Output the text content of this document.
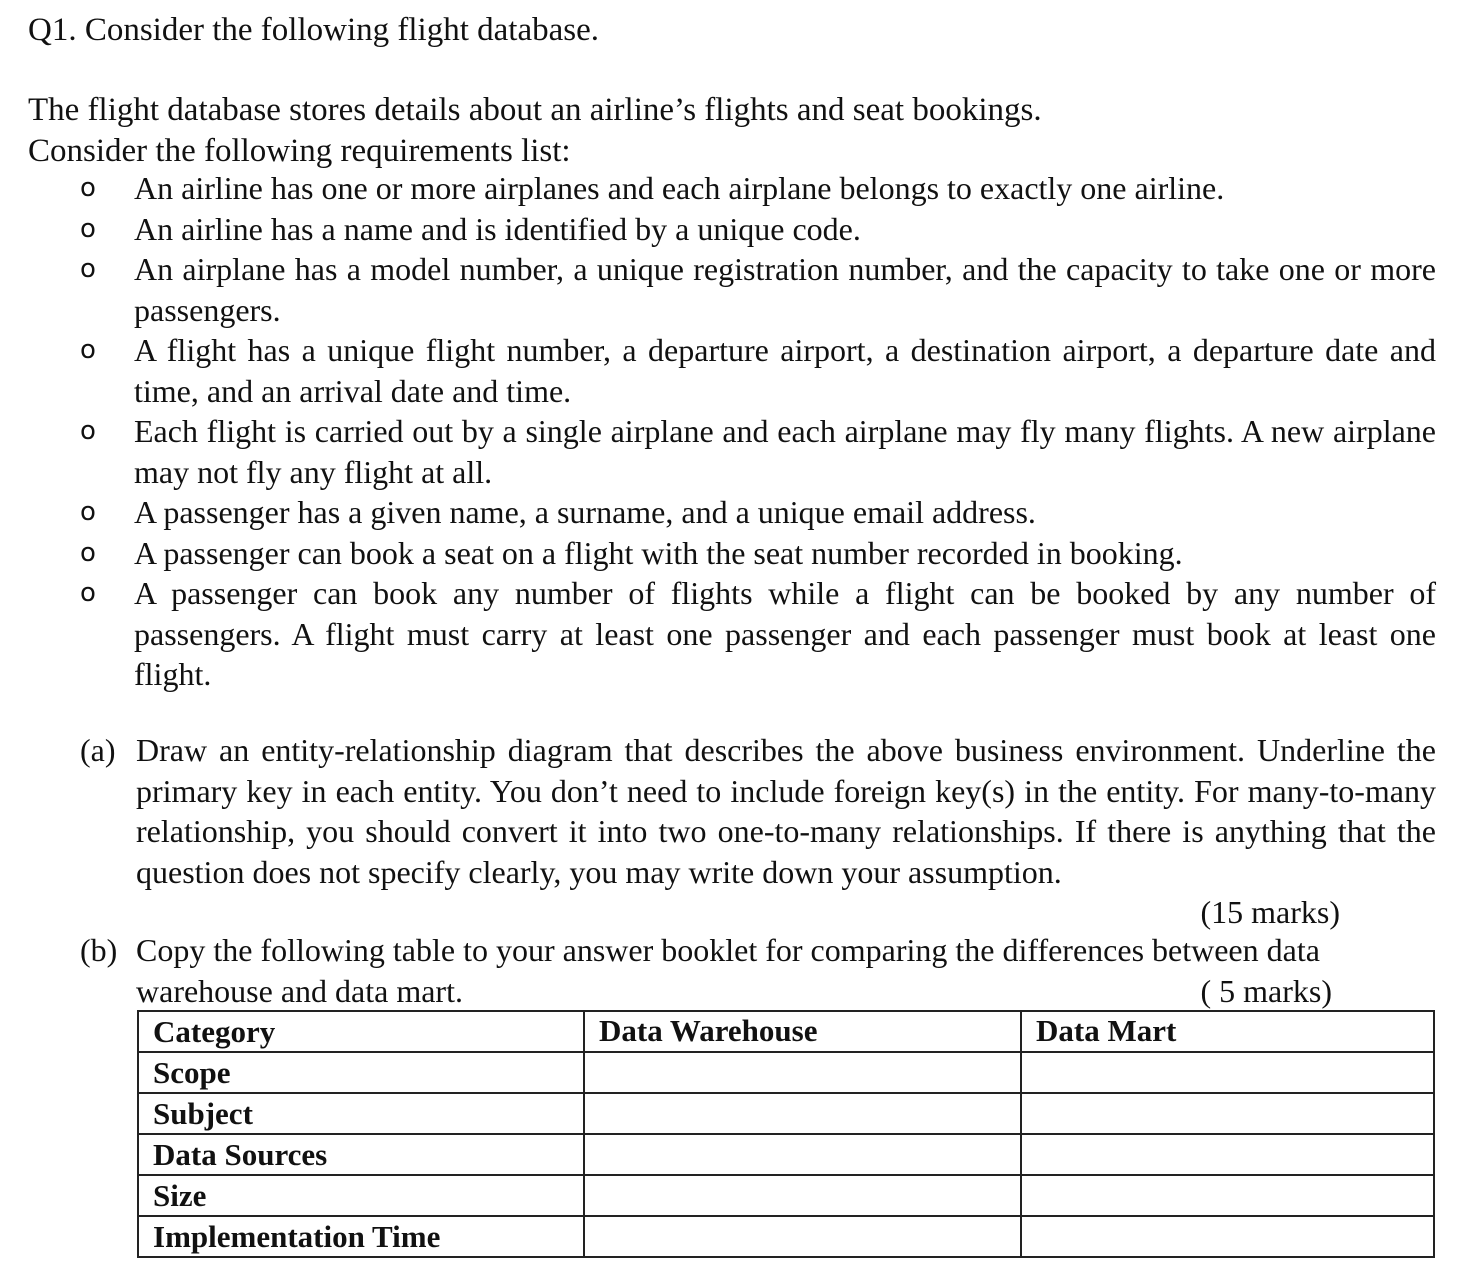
Q1. Consider the following flight database.
The flight database stores details about an airline’s flights and seat bookings.
Consider the following requirements list:
o An airline has one or more airplanes and each airplane belongs to exactly one airline.
o An airline has a name and is identified by a unique code.
o An airplane has a model number, a unique registration number, and the capacity to take one or more passengers.
o A flight has a unique flight number, a departure airport, a destination airport, a departure date and time, and an arrival date and time.
o Each flight is carried out by a single airplane and each airplane may fly many flights. A new airplane may not fly any flight at all.
o A passenger has a given name, a surname, and a unique email address.
o A passenger can book a seat on a flight with the seat number recorded in booking.
o A passenger can book any number of flights while a flight can be booked by any number of passengers. A flight must carry at least one passenger and each passenger must book at least one flight.
(a) Draw an entity-relationship diagram that describes the above business environment. Underline the primary key in each entity. You don’t need to include foreign key(s) in the entity. For many-to-many relationship, you should convert it into two one-to-many relationships. If there is anything that the question does not specify clearly, you may write down your assumption.
(15 marks)
(b) Copy the following table to your answer booklet for comparing the differences between data
warehouse and data mart.	( 5 marks)
Category	Data Warehouse	Data Mart
Scope		
Subject		
Data Sources		
Size		
Implementation Time		
